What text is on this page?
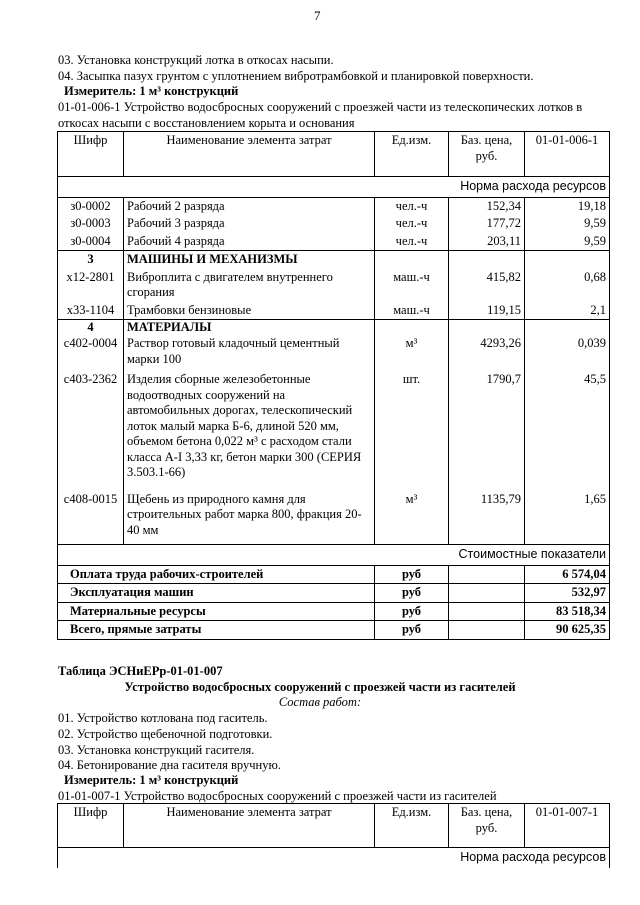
7
03. Установка конструкций лотка в откосах насыпи.
04. Засыпка пазух грунтом с уплотнением вибротрамбовкой и планировкой поверхности.
Измеритель: 1 м³ конструкций
01-01-006-1 Устройство водосбросных сооружений с проезжей части из телескопических лотков в
откосах насыпи с восстановлением корыта и основания
Шифр	Наименование элемента затрат	Ед.изм.	Баз. цена, руб.	01-01-006-1
Норма расхода ресурсов				
з0-0002	Рабочий 2 разряда	чел.-ч	152,34	19,18
з0-0003	Рабочий 3 разряда	чел.-ч	177,72	9,59
з0-0004	Рабочий 4 разряда	чел.-ч	203,11	9,59
3	МАШИНЫ И МЕХАНИЗМЫ			
х12-2801	Виброплита с двигателем внутреннего сгорания	маш.-ч	415,82	0,68
х33-1104	Трамбовки бензиновые	маш.-ч	119,15	2,1
4	МАТЕРИАЛЫ			
с402-0004	Раствор готовый кладочный цементный марки 100	м³	4293,26	0,039
с403-2362	Изделия сборные железобетонные водоотводных сооружений на автомобильных дорогах, телескопический лоток малый марка Б-6, длиной 520 мм, объемом бетона 0,022 м³ с расходом стали класса А-I 3,33 кг, бетон марки 300 (СЕРИЯ 3.503.1-66)	шт.	1790,7	45,5
с408-0015	Щебень из природного камня для строительных работ марка 800, фракция 20-40 мм	м³	1135,79	1,65
Стоимостные показатели				
Оплата труда рабочих-строителей		руб		6 574,04
Эксплуатация машин		руб		532,97
Материальные ресурсы		руб		83 518,34
Всего, прямые затраты		руб		90 625,35
Таблица ЭСНиЕРр-01-01-007
Устройство водосбросных сооружений с проезжей части из гасителей
Состав работ:
01. Устройство котлована под гаситель.
02. Устройство щебеночной подготовки.
03. Установка конструкций гасителя.
04. Бетонирование дна гасителя вручную.
Измеритель: 1 м³ конструкций
01-01-007-1 Устройство водосбросных сооружений с проезжей части из гасителей
Шифр	Наименование элемента затрат	Ед.изм.	Баз. цена, руб.	01-01-007-1
Норма расхода ресурсов
